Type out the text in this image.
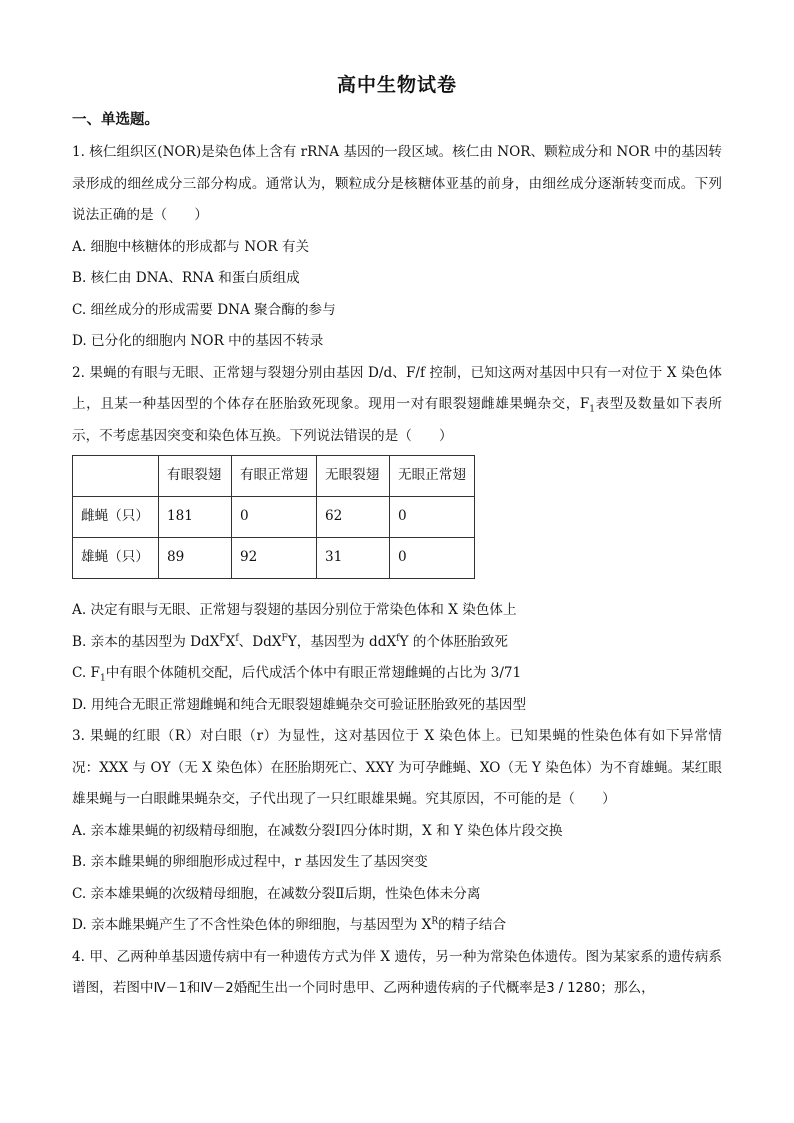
高中生物试卷
一、单选题。

1. 核仁组织区(NOR)是染色体上含有 rRNA 基因的一段区域。核仁由 NOR、颗粒成分和 NOR 中的基因转录形成的细丝成分三部分构成。通常认为，颗粒成分是核糖体亚基的前身，由细丝成分逐渐转变而成。下列说法正确的是（　　）

A. 细胞中核糖体的形成都与 NOR 有关

B. 核仁由 DNA、RNA 和蛋白质组成

C. 细丝成分的形成需要 DNA 聚合酶的参与

D. 已分化的细胞内 NOR 中的基因不转录

2. 果蝇的有眼与无眼、正常翅与裂翅分别由基因 D/d、F/f 控制，已知这两对基因中只有一对位于 X 染色体上，且某一种基因型的个体存在胚胎致死现象。现用一对有眼裂翅雌雄果蝇杂交，$F_1$表型及数量如下表所示，不考虑基因突变和染色体互换。下列说法错误的是（　　）

	有眼裂翅	有眼正常翅	无眼裂翅	无眼正常翅
雌蝇（只）	181	0	62	0
雄蝇（只）	89	92	31	0

A. 决定有眼与无眼、正常翅与裂翅的基因分别位于常染色体和 X 染色体上

B. 亲本的基因型为 $DdX^FX^f$、DdX$^F$Y，基因型为 ddX$^f$Y 的个体胚胎致死

C. $F_1$中有眼个体随机交配，后代成活个体中有眼正常翅雌蝇的占比为 3/71

D. 用纯合无眼正常翅雌蝇和纯合无眼裂翅雄蝇杂交可验证胚胎致死的基因型

3. 果蝇的红眼（R）对白眼（r）为显性，这对基因位于 X 染色体上。已知果蝇的性染色体有如下异常情况：XXX 与 OY（无 X 染色体）在胚胎期死亡、XXY 为可孕雌蝇、XO（无 Y 染色体）为不育雄蝇。某红眼雄果蝇与一白眼雌果蝇杂交，子代出现了一只红眼雄果蝇。究其原因，不可能的是（　　）

A. 亲本雄果蝇的初级精母细胞，在减数分裂Ⅰ四分体时期，X 和 Y 染色体片段交换

B. 亲本雌果蝇的卵细胞形成过程中，r 基因发生了基因突变

C. 亲本雄果蝇的次级精母细胞，在减数分裂Ⅱ后期，性染色体未分离

D. 亲本雌果蝇产生了不含性染色体的卵细胞，与基因型为 $X^R$的精子结合

4. 甲、乙两种单基因遗传病中有一种遗传方式为伴 X 遗传，另一种为常染色体遗传。图为某家系的遗传病系谱图，若图中Ⅳ－1和Ⅳ－2婚配生出一个同时患甲、乙两种遗传病的子代概率是3 / 1280；那么，
